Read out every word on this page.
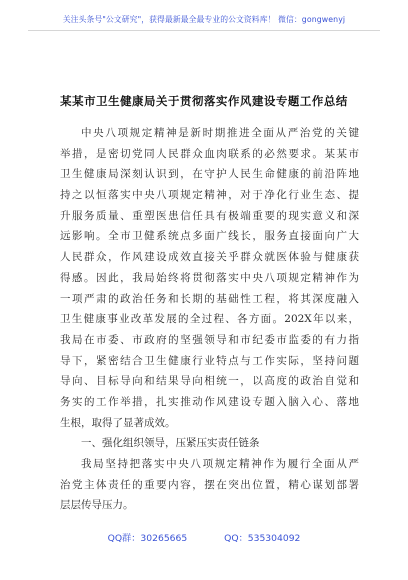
关注头条号"公文研究"，获得最新最全最专业的公文资料库！ 微信：gongwenyj
某某市卫生健康局关于贯彻落实作风建设专题工作总结
中央八项规定精神是新时期推进全面从严治党的关键
举措，是密切党同人民群众血肉联系的必然要求。某某市
卫生健康局深刻认识到，在守护人民生命健康的前沿阵地
持之以恒落实中央八项规定精神，对于净化行业生态、提
升服务质量、重塑医患信任具有极端重要的现实意义和深
远影响。全市卫健系统点多面广线长，服务直接面向广大
人民群众，作风建设成效直接关乎群众就医体验与健康获
得感。因此，我局始终将贯彻落实中央八项规定精神作为
一项严肃的政治任务和长期的基础性工程，将其深度融入
卫生健康事业改革发展的全过程、各方面。202X年以来，
我局在市委、市政府的坚强领导和市纪委市监委的有力指
导下，紧密结合卫生健康行业特点与工作实际，坚持问题
导向、目标导向和结果导向相统一，以高度的政治自觉和
务实的工作举措，扎实推动作风建设专题入脑入心、落地
生根，取得了显著成效。
一、强化组织领导，压紧压实责任链条
我局坚持把落实中央八项规定精神作为履行全面从严
治党主体责任的重要内容，摆在突出位置，精心谋划部署
层层传导压力。
QQ群：30265665	QQ：535304092
